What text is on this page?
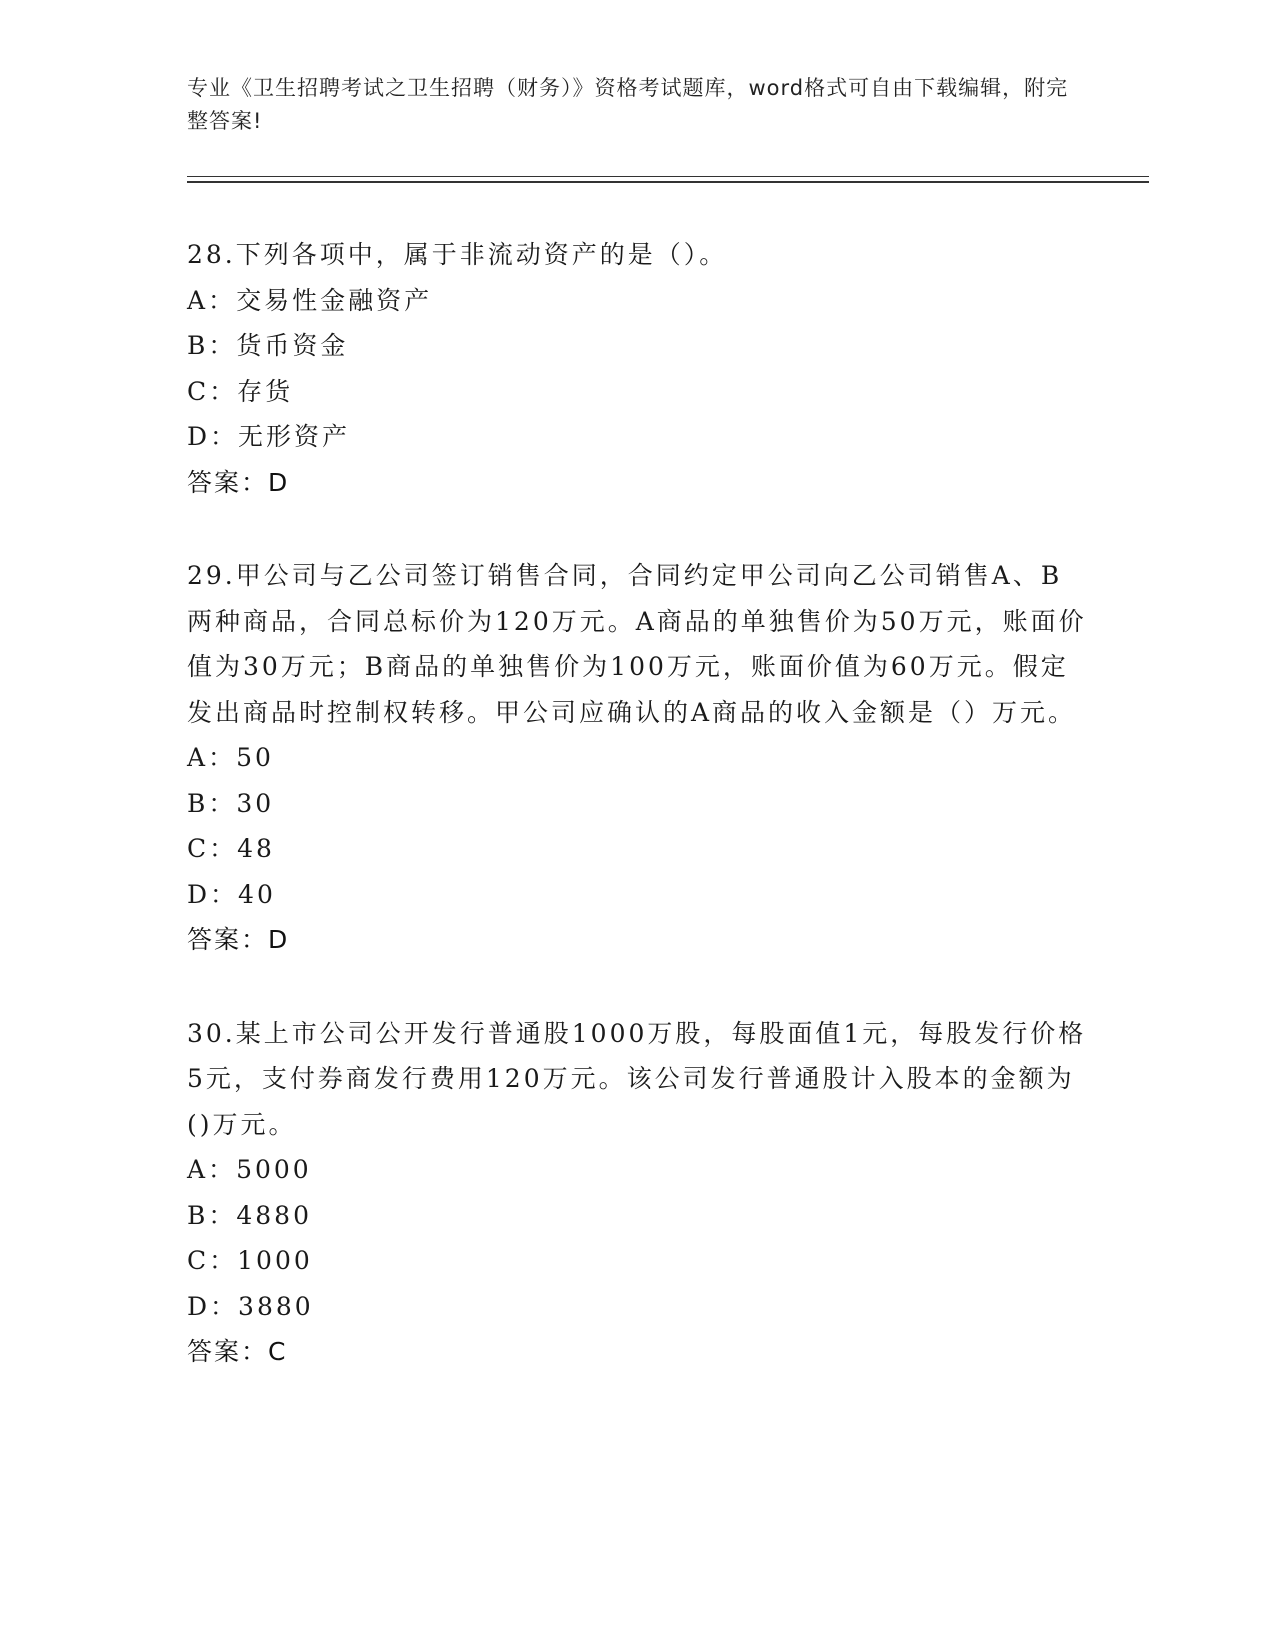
专业《卫生招聘考试之卫生招聘（财务）》资格考试题库，word格式可自由下载编辑，附完整答案!

28.下列各项中，属于非流动资产的是（）。

A：交易性金融资产

B：货币资金

C：存货

D：无形资产

答案：D

29.甲公司与乙公司签订销售合同，合同约定甲公司向乙公司销售A、B两种商品，合同总标价为120万元。A商品的单独售价为50万元，账面价值为30万元；B商品的单独售价为100万元，账面价值为60万元。假定发出商品时控制权转移。甲公司应确认的A商品的收入金额是（）万元。

A：50

B：30

C：48

D：40

答案：D

30.某上市公司公开发行普通股1000万股，每股面值1元，每股发行价格5元，支付券商发行费用120万元。该公司发行普通股计入股本的金额为()万元。

A：5000

B：4880

C：1000

D：3880

答案：C
